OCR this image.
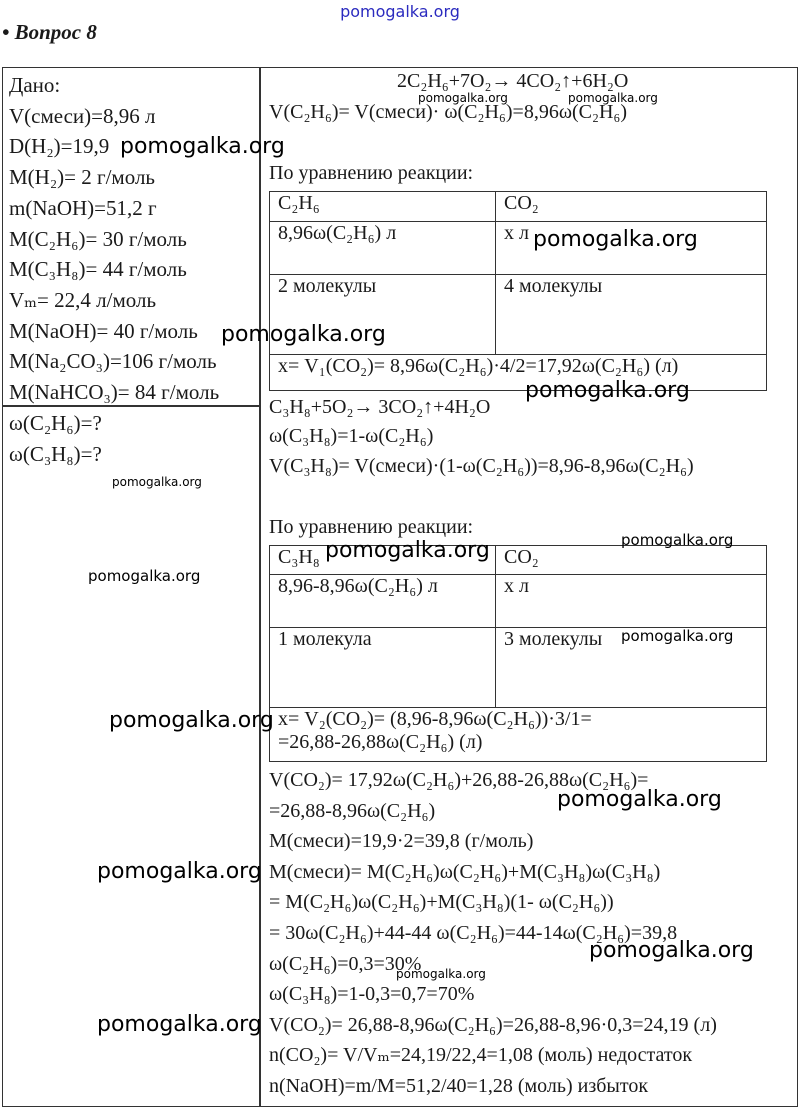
pomogalka.org
• Вопрос 8
Дано:
V(смеси)=8,96 л
D(H₂)=19,9
M(H₂)= 2 г/моль
m(NaOH)=51,2 г
M(C₂H₆)= 30 г/моль
M(C₃H₈)= 44 г/моль
Vₘ= 22,4 л/моль
M(NaOH)= 40 г/моль
M(Na₂CO₃)=106 г/моль
M(NaHCO₃)= 84 г/моль
ω(C₂H₆)=?
ω(C₃H₈)=?
2C₂H₆+7O₂→ 4CO₂↑+6H₂O
V(C₂H₆)= V(смеси)· ω(C₂H₆)=8,96ω(C₂H₆)
По уравнению реакции:
C₂H₆	CO₂
8,96ω(C₂H₆) л	х л
2 молекулы	4 молекулы
х= V₁(CO₂)= 8,96ω(C₂H₆)·4/2=17,92ω(C₂H₆) (л)	
C₃H₈+5O₂→ 3CO₂↑+4H₂O
ω(C₃H₈)=1-ω(C₂H₆)
V(C₃H₈)= V(смеси)·(1-ω(C₂H₆))=8,96-8,96ω(C₂H₆)
По уравнению реакции:
C₃H₈	CO₂
8,96-8,96ω(C₂H₆) л	х л
1 молекула	3 молекулы

х= V₂(CO₂)= (8,96-8,96ω(C₂H₆))·3/1=
=26,88-26,88ω(C₂H₆) (л)	
V(CO₂)= 17,92ω(C₂H₆)+26,88-26,88ω(C₂H₆)=
=26,88-8,96ω(C₂H₆)
M(смеси)=19,9·2=39,8 (г/моль)
M(смеси)= M(C₂H₆)ω(C₂H₆)+M(C₃H₈)ω(C₃H₈)
= M(C₂H₆)ω(C₂H₆)+M(C₃H₈)(1- ω(C₂H₆))
= 30ω(C₂H₆)+44-44 ω(C₂H₆)=44-14ω(C₂H₆)=39,8
ω(C₂H₆)=0,3=30%
ω(C₃H₈)=1-0,3=0,7=70%
V(CO₂)= 26,88-8,96ω(C₂H₆)=26,88-8,96·0,3=24,19 (л)
n(CO₂)= V/Vₘ=24,19/22,4=1,08 (моль) недостаток
n(NaOH)=m/M=51,2/40=1,28 (моль) избыток
pomogalka.org
pomogalka.org	pomogalka.org
pomogalka.org
pomogalka.org
pomogalka.org
pomogalka.org
pomogalka.org	pomogalka.org
pomogalka.org
pomogalka.org
pomogalka.org
pomogalka.org
pomogalka.org
pomogalka.org
pomogalka.org
pomogalka.org
